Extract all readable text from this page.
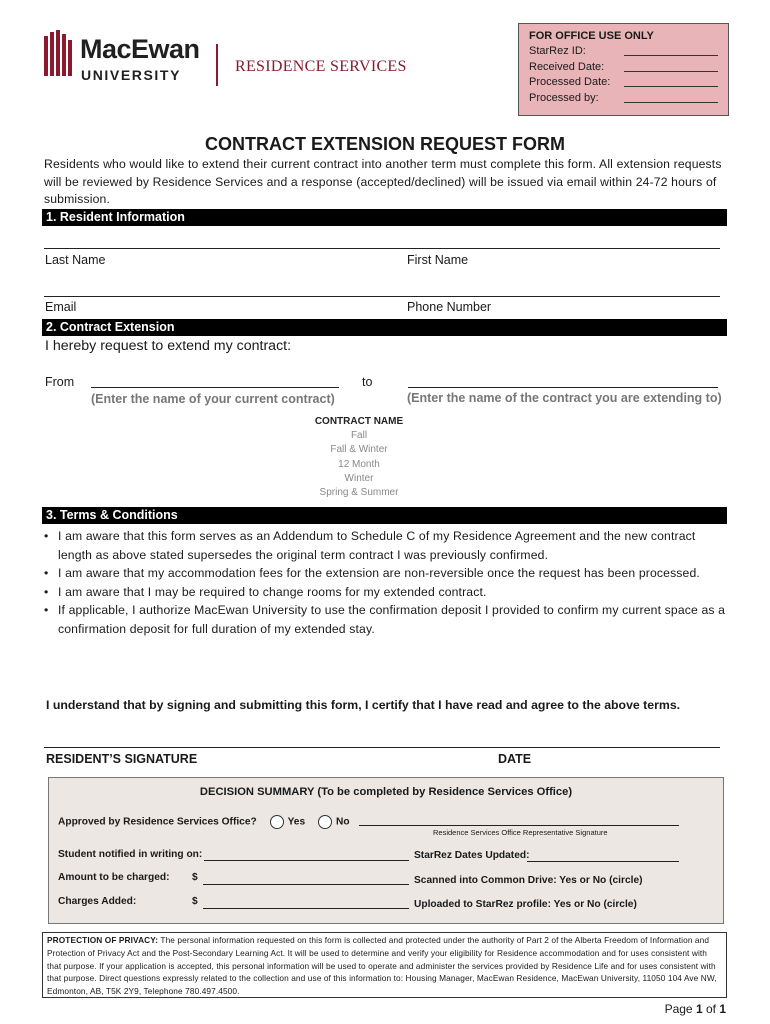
MacEwan
UNIVERSITY	RESIDENCE SERVICES
FOR OFFICE USE ONLY
StarRez ID:
Received Date:
Processed Date:
Processed by:
CONTRACT EXTENSION REQUEST FORM
Residents who would like to extend their current contract into another term must complete this form. All extension requests will be reviewed by Residence Services and a response (accepted/declined) will be issued via email within 24-72 hours of submission.
1. Resident Information
Last Name	First Name
Email	Phone Number
2. Contract Extension
I hereby request to extend my contract:
From	to
(Enter the name of your current contract)	(Enter the name of the contract you are extending to)
CONTRACT NAME
Fall
Fall & Winter
12 Month
Winter
Spring & Summer
3. Terms & Conditions
• I am aware that this form serves as an Addendum to Schedule C of my Residence Agreement and the new contract length as above stated supersedes the original term contract I was previously confirmed.
• I am aware that my accommodation fees for the extension are non-reversible once the request has been processed.
• I am aware that I may be required to change rooms for my extended contract.
• If applicable, I authorize MacEwan University to use the confirmation deposit I provided to confirm my current space as a confirmation deposit for full duration of my extended stay.
I understand that by signing and submitting this form, I certify that I have read and agree to the above terms.
RESIDENT’S SIGNATURE	DATE
DECISION SUMMARY (To be completed by Residence Services Office)
Approved by Residence Services Office?	Yes	No
Residence Services Office Representative Signature
Student notified in writing on:	StarRez Dates Updated:
Amount to be charged: $	Scanned into Common Drive: Yes or No (circle)
Charges Added:	$	Uploaded to StarRez profile: Yes or No (circle)
PROTECTION OF PRIVACY: The personal information requested on this form is collected and protected under the authority of Part 2 of the Alberta Freedom of Information and Protection of Privacy Act and the Post-Secondary Learning Act. It will be used to determine and verify your eligibility for Residence accommodation and for uses consistent with that purpose. If your application is accepted, this personal information will be used to operate and administer the services provided by Residence Life and for uses consistent with that purpose. Direct questions expressly related to the collection and use of this information to: Housing Manager, MacEwan Residence, MacEwan University, 11050 104 Ave NW, Edmonton, AB, T5K 2Y9, Telephone 780.497.4500.
Page 1 of 1
